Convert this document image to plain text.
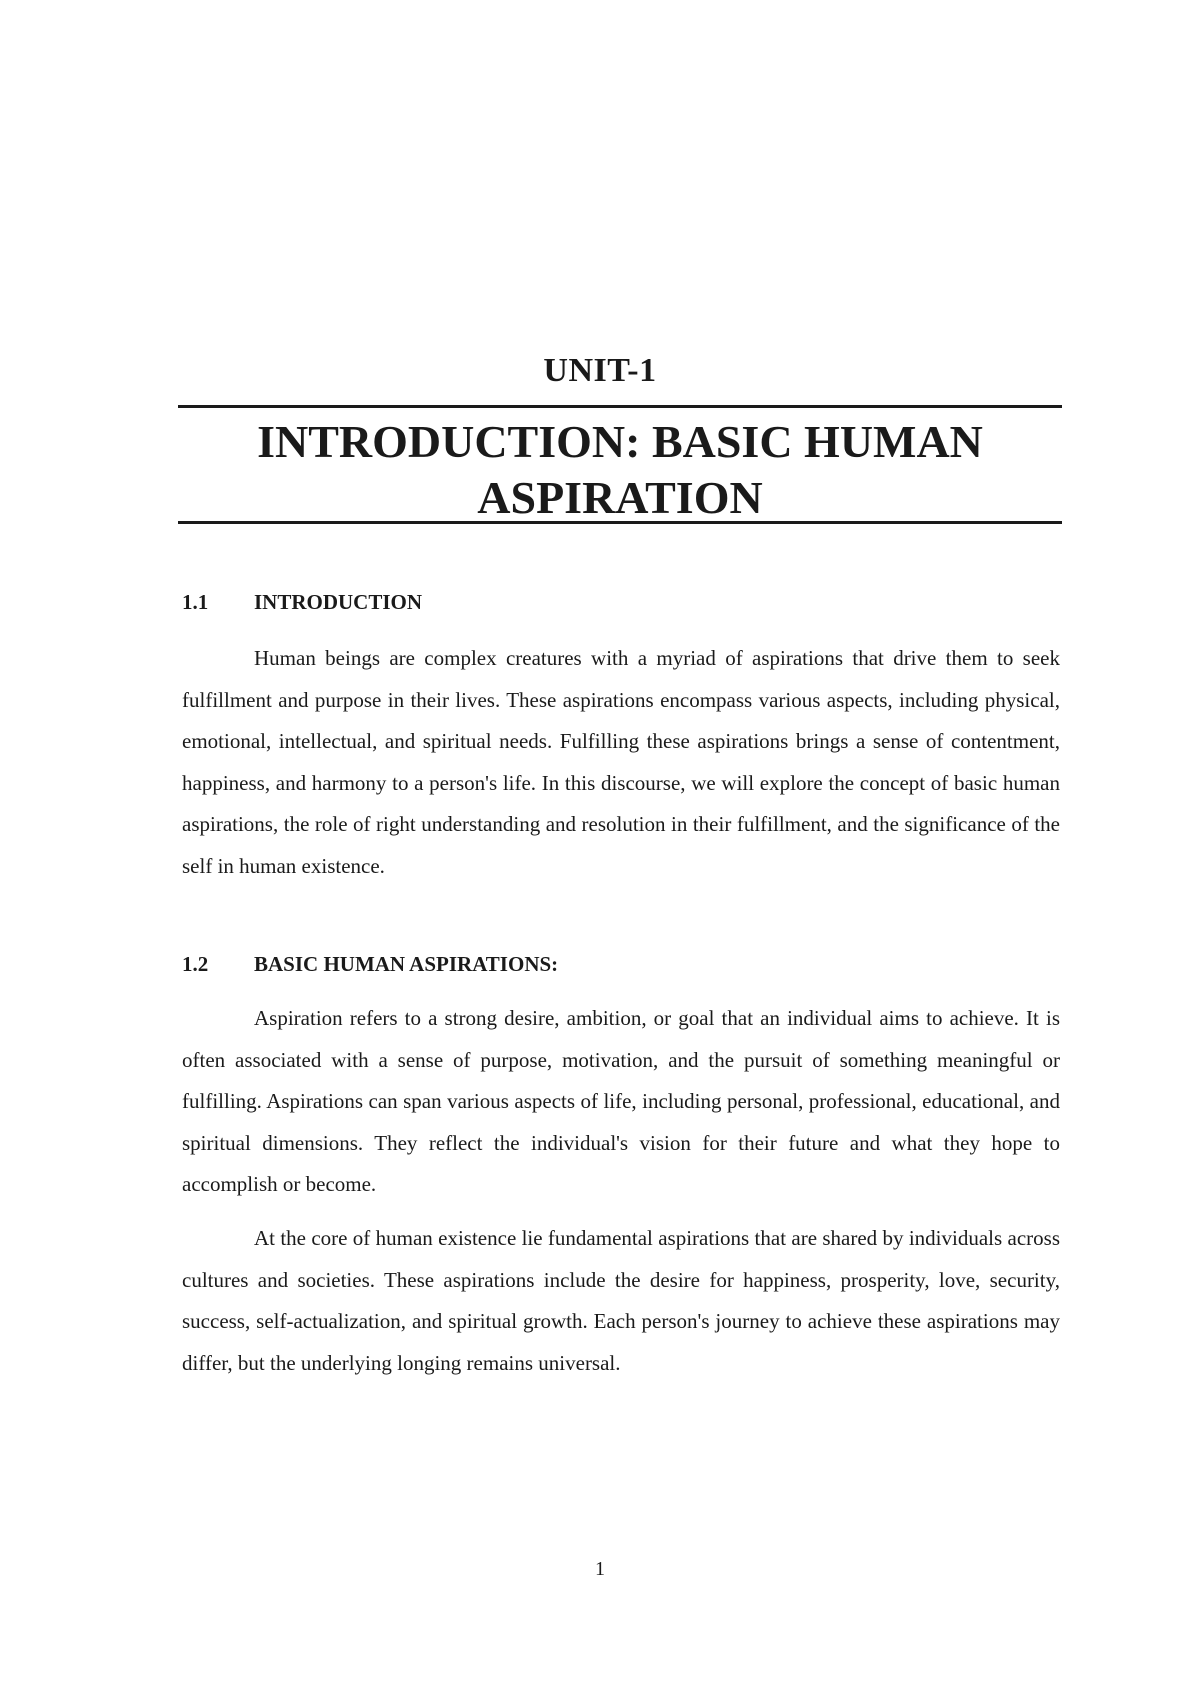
UNIT-1
INTRODUCTION: BASIC HUMAN ASPIRATION
1.1 INTRODUCTION

Human beings are complex creatures with a myriad of aspirations that drive them to seek fulfillment and purpose in their lives. These aspirations encompass various aspects, including physical, emotional, intellectual, and spiritual needs. Fulfilling these aspirations brings a sense of contentment, happiness, and harmony to a person's life. In this discourse, we will explore the concept of basic human aspirations, the role of right understanding and resolution in their fulfillment, and the significance of the self in human existence.

1.2 BASIC HUMAN ASPIRATIONS:

Aspiration refers to a strong desire, ambition, or goal that an individual aims to achieve. It is often associated with a sense of purpose, motivation, and the pursuit of something meaningful or fulfilling. Aspirations can span various aspects of life, including personal, professional, educational, and spiritual dimensions. They reflect the individual's vision for their future and what they hope to accomplish or become.

At the core of human existence lie fundamental aspirations that are shared by individuals across cultures and societies. These aspirations include the desire for happiness, prosperity, love, security, success, self-actualization, and spiritual growth. Each person's journey to achieve these aspirations may differ, but the underlying longing remains universal.

1
